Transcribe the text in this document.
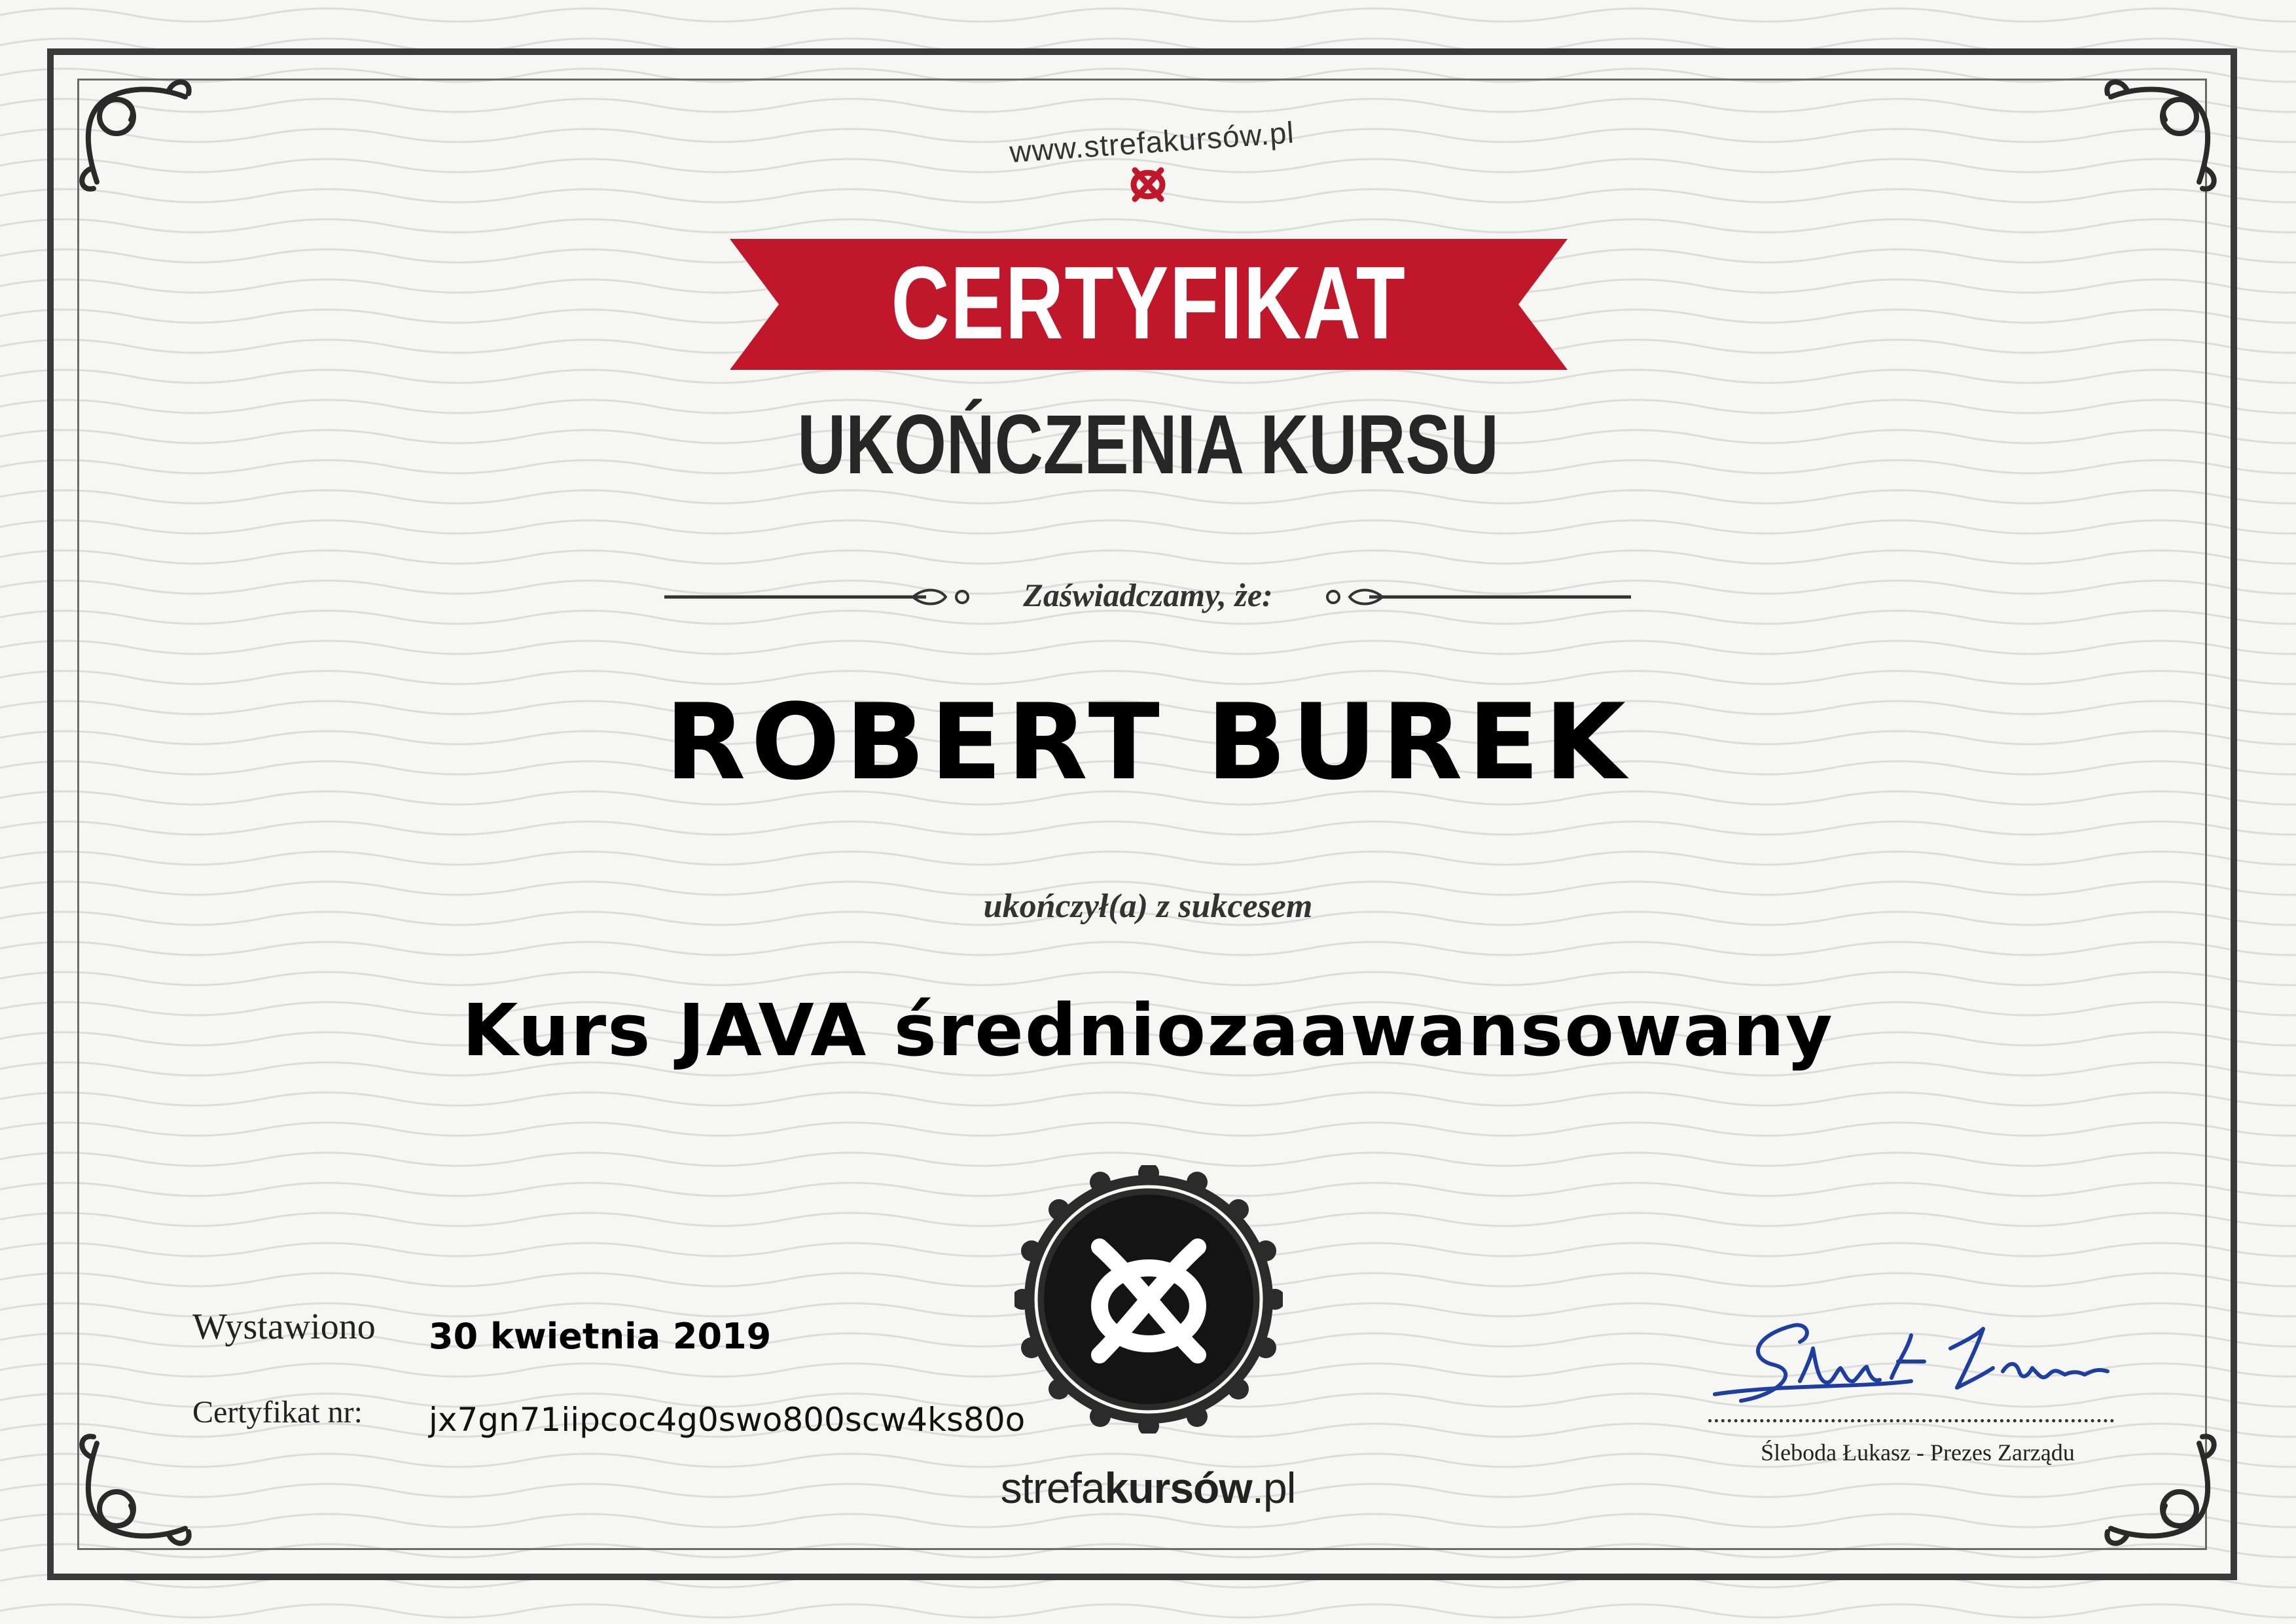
www.strefakursów.pl
CERTYFIKAT
UKOŃCZENIA KURSU
Zaświadczamy, że:
ROBERT BUREK
ukończył(a) z sukcesem
Kurs JAVA średniozaawansowany
Wystawiono 30 kwietnia 2019
Certyfikat nr: jx7gn71iipcoc4g0swo800scw4ks80o
strefakursów.pl
Śleboda Łukasz - Prezes Zarządu
